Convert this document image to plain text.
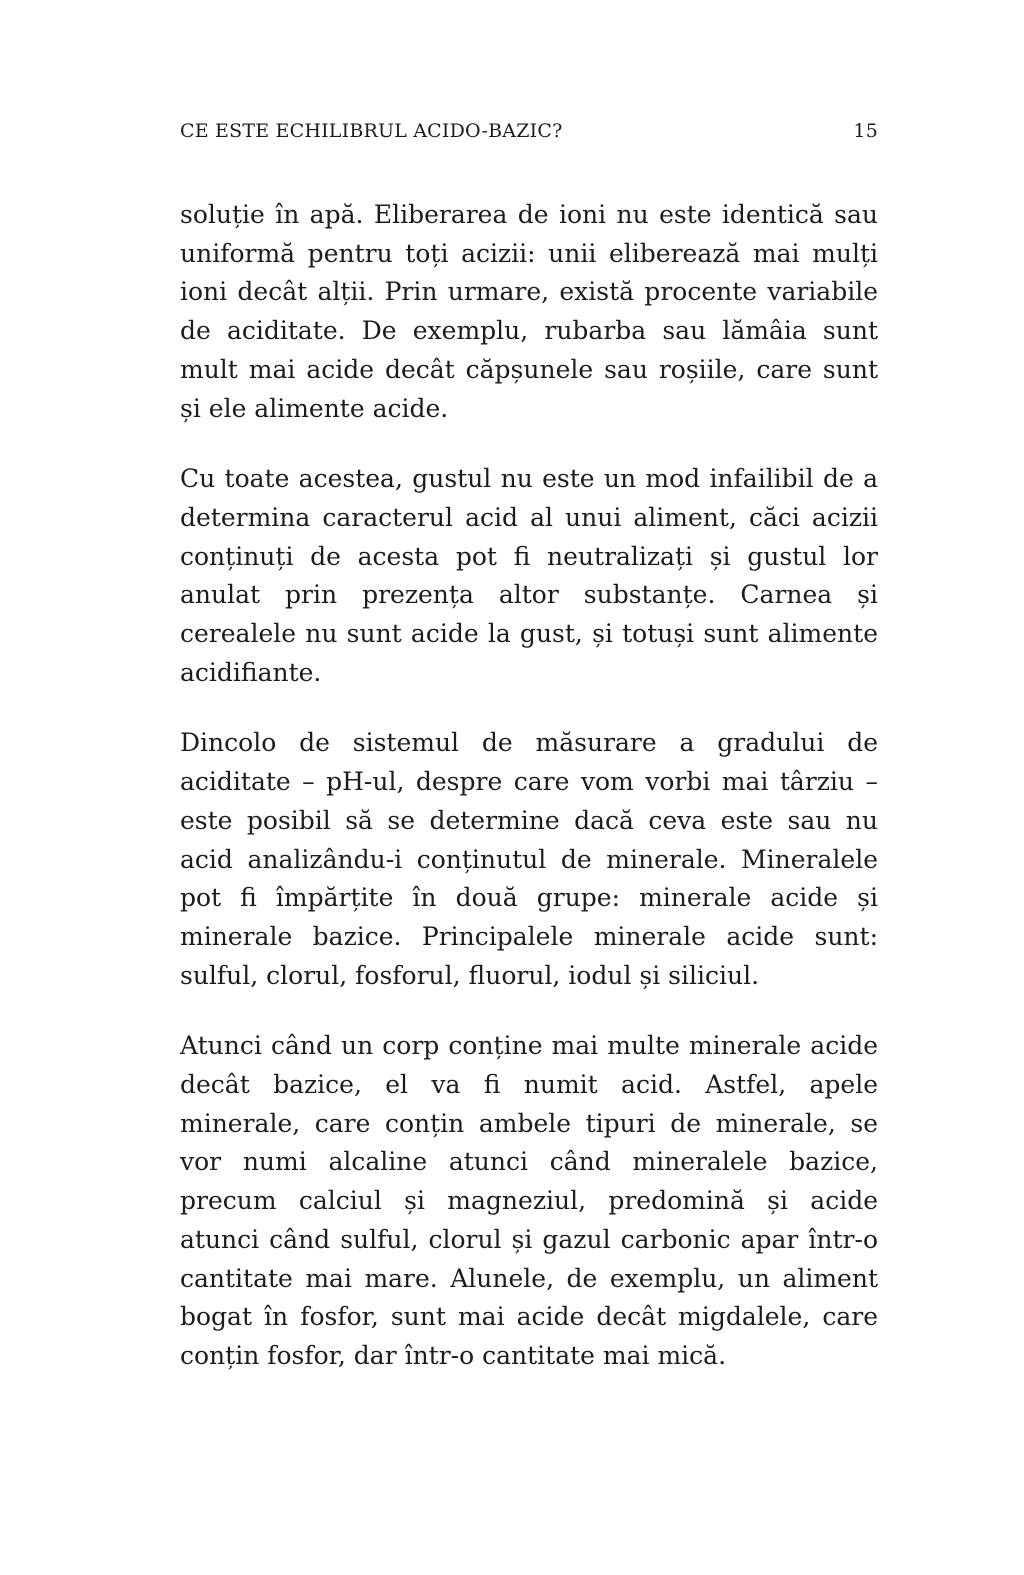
CE ESTE ECHILIBRUL ACIDO-BAZIC?	15

soluție în apă. Eliberarea de ioni nu este identică sau uniformă pentru toți acizii: unii eliberează mai mulți ioni decât alții. Prin urmare, există procente variabile de aciditate. De exemplu, rubarba sau lămâia sunt mult mai acide decât căpșunele sau roșiile, care sunt și ele alimente acide.

Cu toate acestea, gustul nu este un mod infailibil de a determina caracterul acid al unui aliment, căci acizii conținuți de acesta pot fi neutralizați și gustul lor anulat prin prezența altor substanțe. Carnea și cerealele nu sunt acide la gust, și totuși sunt alimente acidifiante.

Dincolo de sistemul de măsurare a gradului de aciditate – pH-ul, despre care vom vorbi mai târziu – este posibil să se determine dacă ceva este sau nu acid analizându-i conținutul de minerale. Mineralele pot fi împărțite în două grupe: minerale acide și minerale bazice. Principalele minerale acide sunt: sulful, clorul, fosforul, fluorul, iodul și siliciul.

Atunci când un corp conține mai multe minerale acide decât bazice, el va fi numit acid. Astfel, apele minerale, care conțin ambele tipuri de minerale, se vor numi alcaline atunci când mineralele bazice, precum calciul și magneziul, predomină și acide atunci când sulful, clorul și gazul carbonic apar într-o cantitate mai mare. Alunele, de exemplu, un aliment bogat în fosfor, sunt mai acide decât migdalele, care conțin fosfor, dar într-o cantitate mai mică.
